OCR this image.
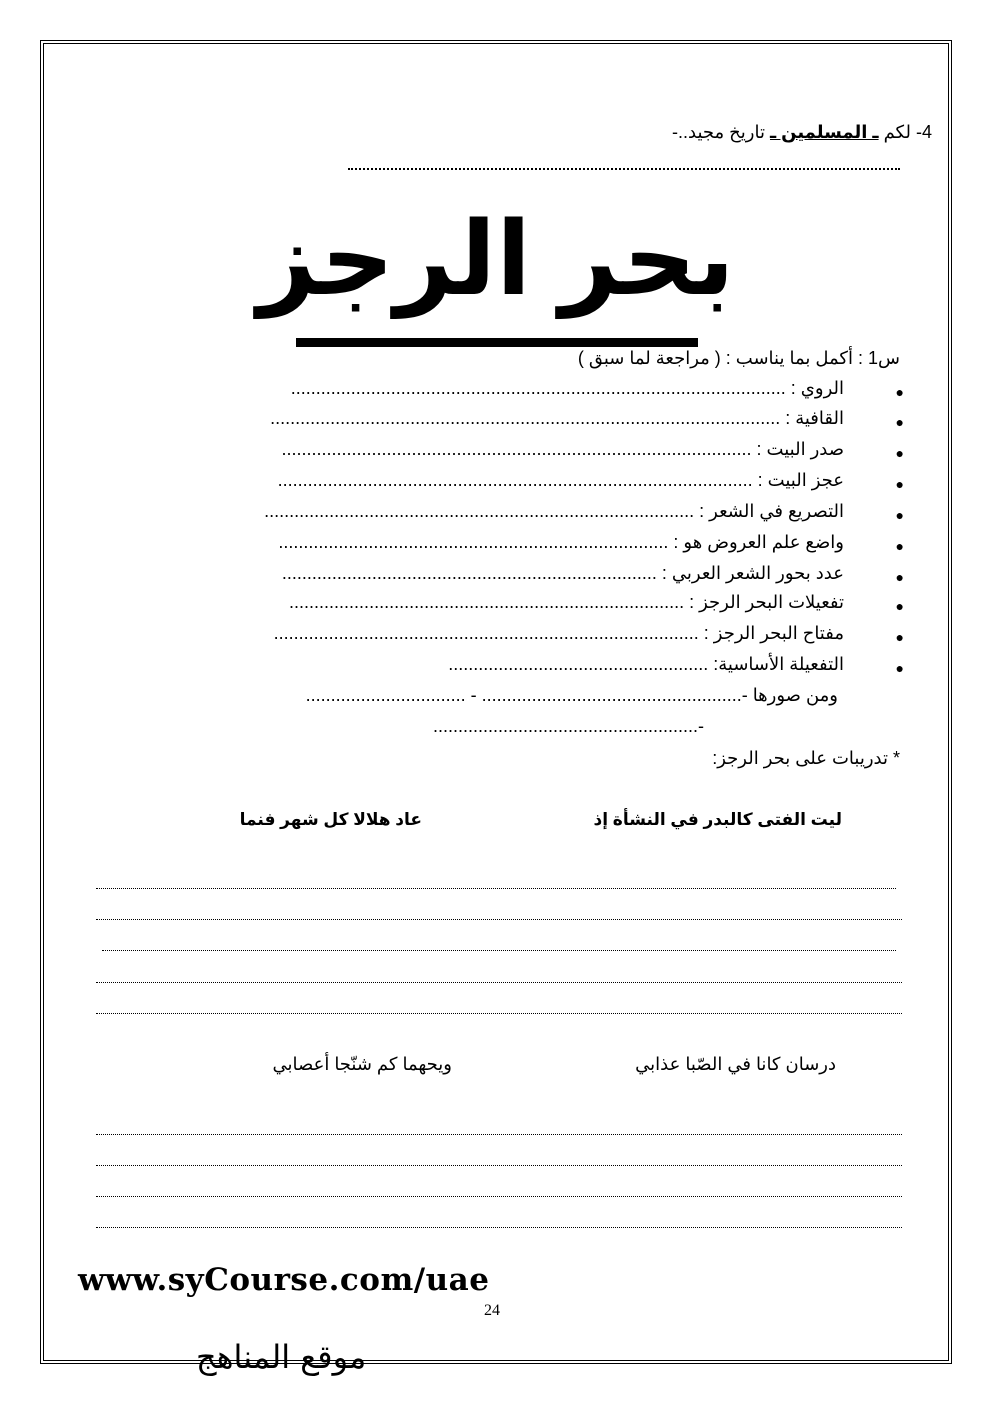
4- لكم ـ المسلمين ـ تاريخ مجيد..-
بحر الرجز
س1 : أكمل بما يناسب : ( مراجعة لما سبق )
●
الروي : ...................................................................................................
●
القافية : ......................................................................................................
●
صدر البيت : ..............................................................................................
●
عجز البيت : ...............................................................................................
●
التصريع في الشعر : ......................................................................................
●
واضع علم العروض هو : ..............................................................................
●
عدد بحور الشعر العربي : ...........................................................................
●
تفعيلات البحر الرجز : ...............................................................................
●
مفتاح البحر الرجز : .....................................................................................
●
التفعيلة الأساسية: ....................................................
ومن صورها -.................................................... - ................................
-.....................................................
* تدريبات على بحر الرجز:
ليت الفتى كالبدر في النشأة إذ
عاد هلالا كل شهر فنما
درسان كانا في الصّبا عذابي
ويحهما كم شنّجا أعصابي
www.syCourse.com/uae
24
موقع المناهج
